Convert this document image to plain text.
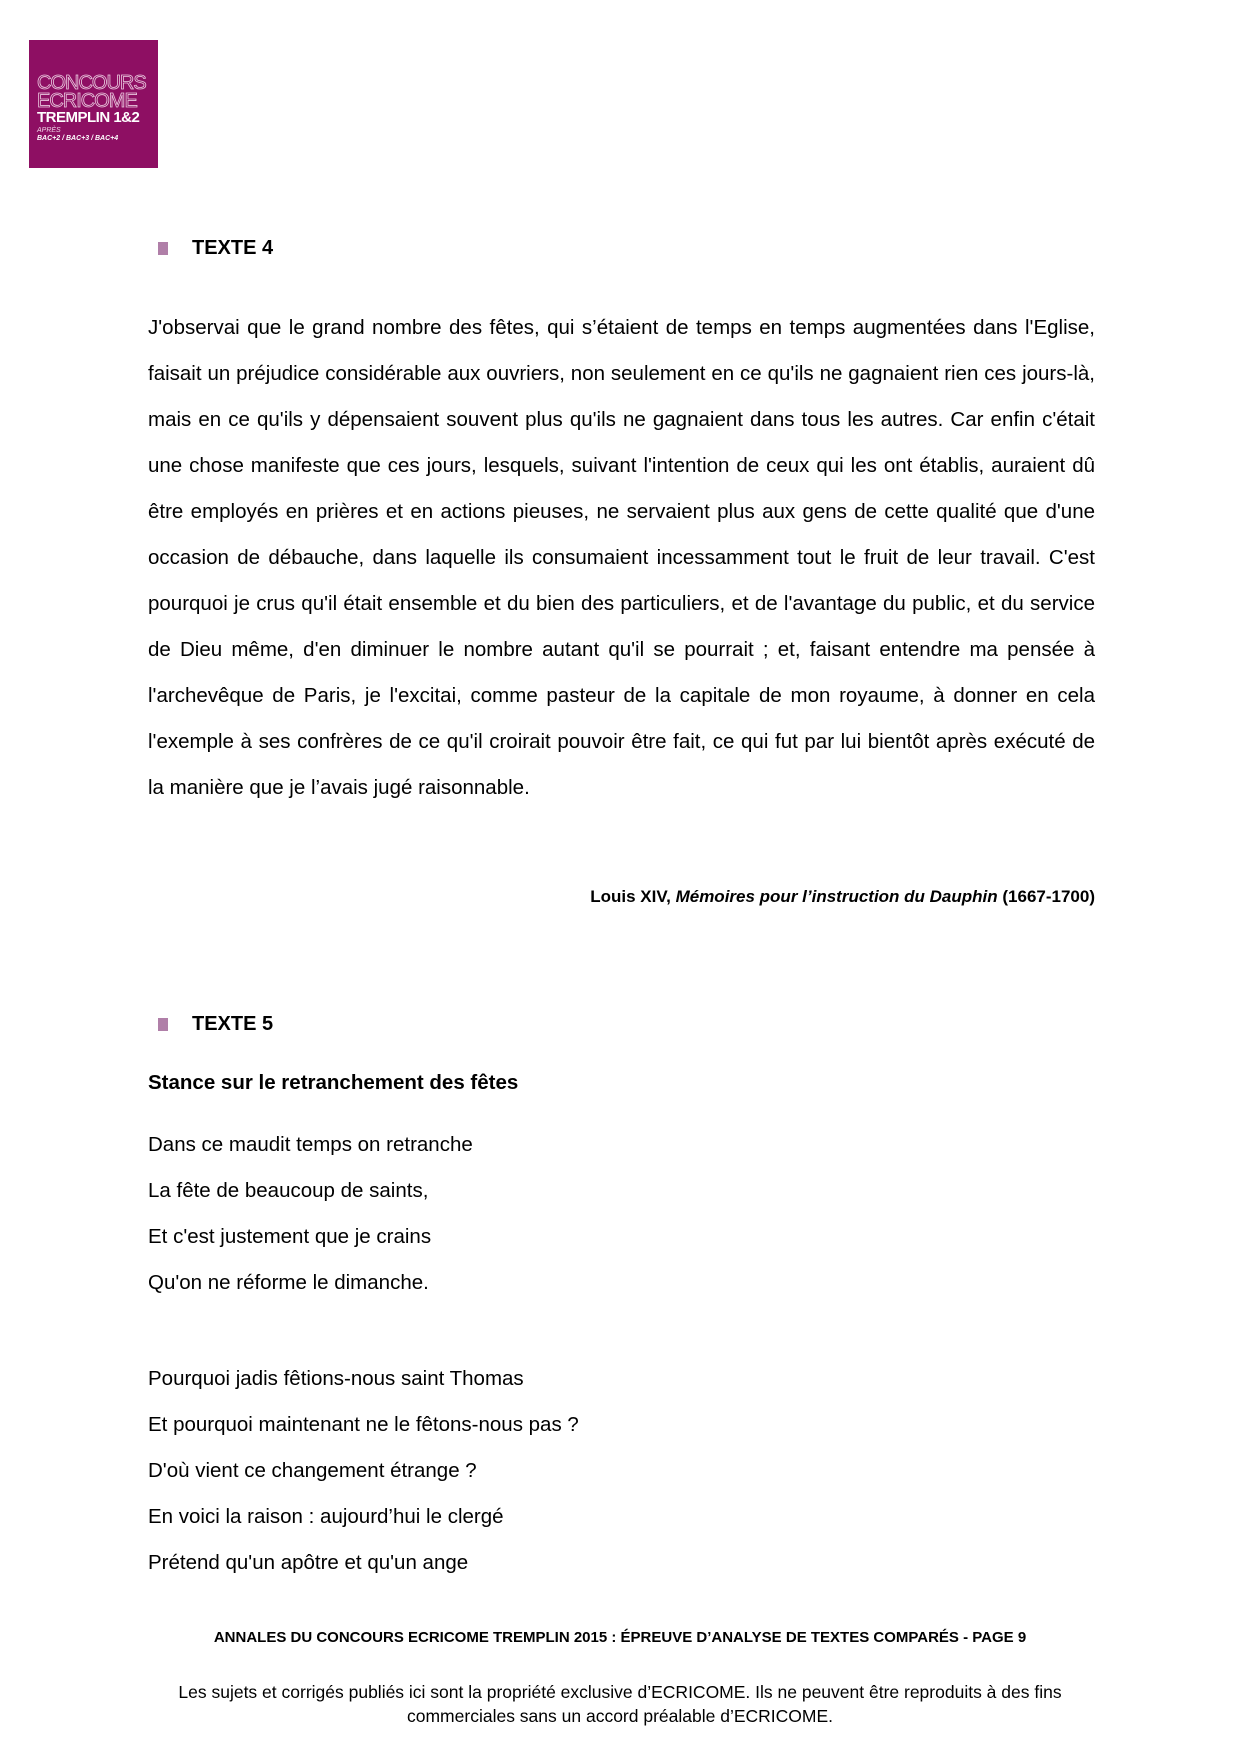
CONCOURS
ECRICOME
TREMPLIN 1&2
APRÈS
BAC+2 / BAC+3 / BAC+4
TEXTE 4

J'observai que le grand nombre des fêtes, qui s’étaient de temps en temps augmentées dans l'Eglise, faisait un préjudice considérable aux ouvriers, non seulement en ce qu'ils ne gagnaient rien ces jours-là, mais en ce qu'ils y dépensaient souvent plus qu'ils ne gagnaient dans tous les autres. Car enfin c'était une chose manifeste que ces jours, lesquels, suivant l'intention de ceux qui les ont établis, auraient dû être employés en prières et en actions pieuses, ne servaient plus aux gens de cette qualité que d'une occasion de débauche, dans laquelle ils consumaient incessamment tout le fruit de leur travail. C'est pourquoi je crus qu'il était ensemble et du bien des particuliers, et de l'avantage du public, et du service de Dieu même, d'en diminuer le nombre autant qu'il se pourrait ; et, faisant entendre ma pensée à l'archevêque de Paris, je l'excitai, comme pasteur de la capitale de mon royaume, à donner en cela l'exemple à ses confrères de ce qu'il croirait pouvoir être fait, ce qui fut par lui bientôt après exécuté de la manière que je l’avais jugé raisonnable.

Louis XIV, Mémoires pour l’instruction du Dauphin (1667-1700)
TEXTE 5
Stance sur le retranchement des fêtes
Dans ce maudit temps on retranche
La fête de beaucoup de saints,
Et c'est justement que je crains
Qu'on ne réforme le dimanche.
Pourquoi jadis fêtions-nous saint Thomas
Et pourquoi maintenant ne le fêtons-nous pas ?
D'où vient ce changement étrange ?
En voici la raison : aujourd’hui le clergé
Prétend qu'un apôtre et qu'un ange
ANNALES DU CONCOURS ECRICOME TREMPLIN 2015 : ÉPREUVE D’ANALYSE DE TEXTES COMPARÉS - PAGE 9
Les sujets et corrigés publiés ici sont la propriété exclusive d’ECRICOME. Ils ne peuvent être reproduits à des fins commerciales sans un accord préalable d’ECRICOME.
